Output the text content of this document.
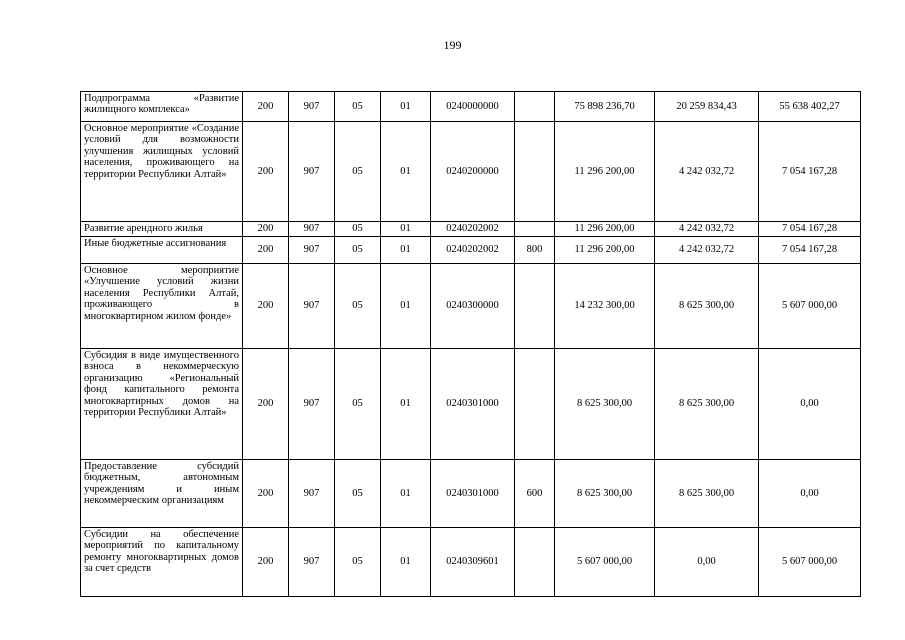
199
Подпрограмма «Развитие жилищного комплекса»	200	907	05	01	0240000000		75 898 236,70	20 259 834,43	55 638 402,27
Основное мероприятие «Создание условий для возможности улучшения жилищных условий населения, проживающего на территории Республики Алтай»	200	907	05	01	0240200000		11 296 200,00	4 242 032,72	7 054 167,28
Развитие арендного жилья	200	907	05	01	0240202002		11 296 200,00	4 242 032,72	7 054 167,28
Иные бюджетные ассигнования	200	907	05	01	0240202002	800	11 296 200,00	4 242 032,72	7 054 167,28
Основное мероприятие «Улучшение условий жизни населения Республики Алтай, проживающего в многоквартирном жилом фонде»	200	907	05	01	0240300000		14 232 300,00	8 625 300,00	5 607 000,00
Субсидия в виде имущественного взноса в некоммерческую организацию «Региональный фонд капитального ремонта многоквартирных домов на территории Республики Алтай»	200	907	05	01	0240301000		8 625 300,00	8 625 300,00	0,00
Предоставление субсидий бюджетным, автономным учреждениям и иным некоммерческим организациям	200	907	05	01	0240301000	600	8 625 300,00	8 625 300,00	0,00
Субсидии на обеспечение мероприятий по капитальному ремонту многоквартирных домов за счет средств	200	907	05	01	0240309601		5 607 000,00	0,00	5 607 000,00
